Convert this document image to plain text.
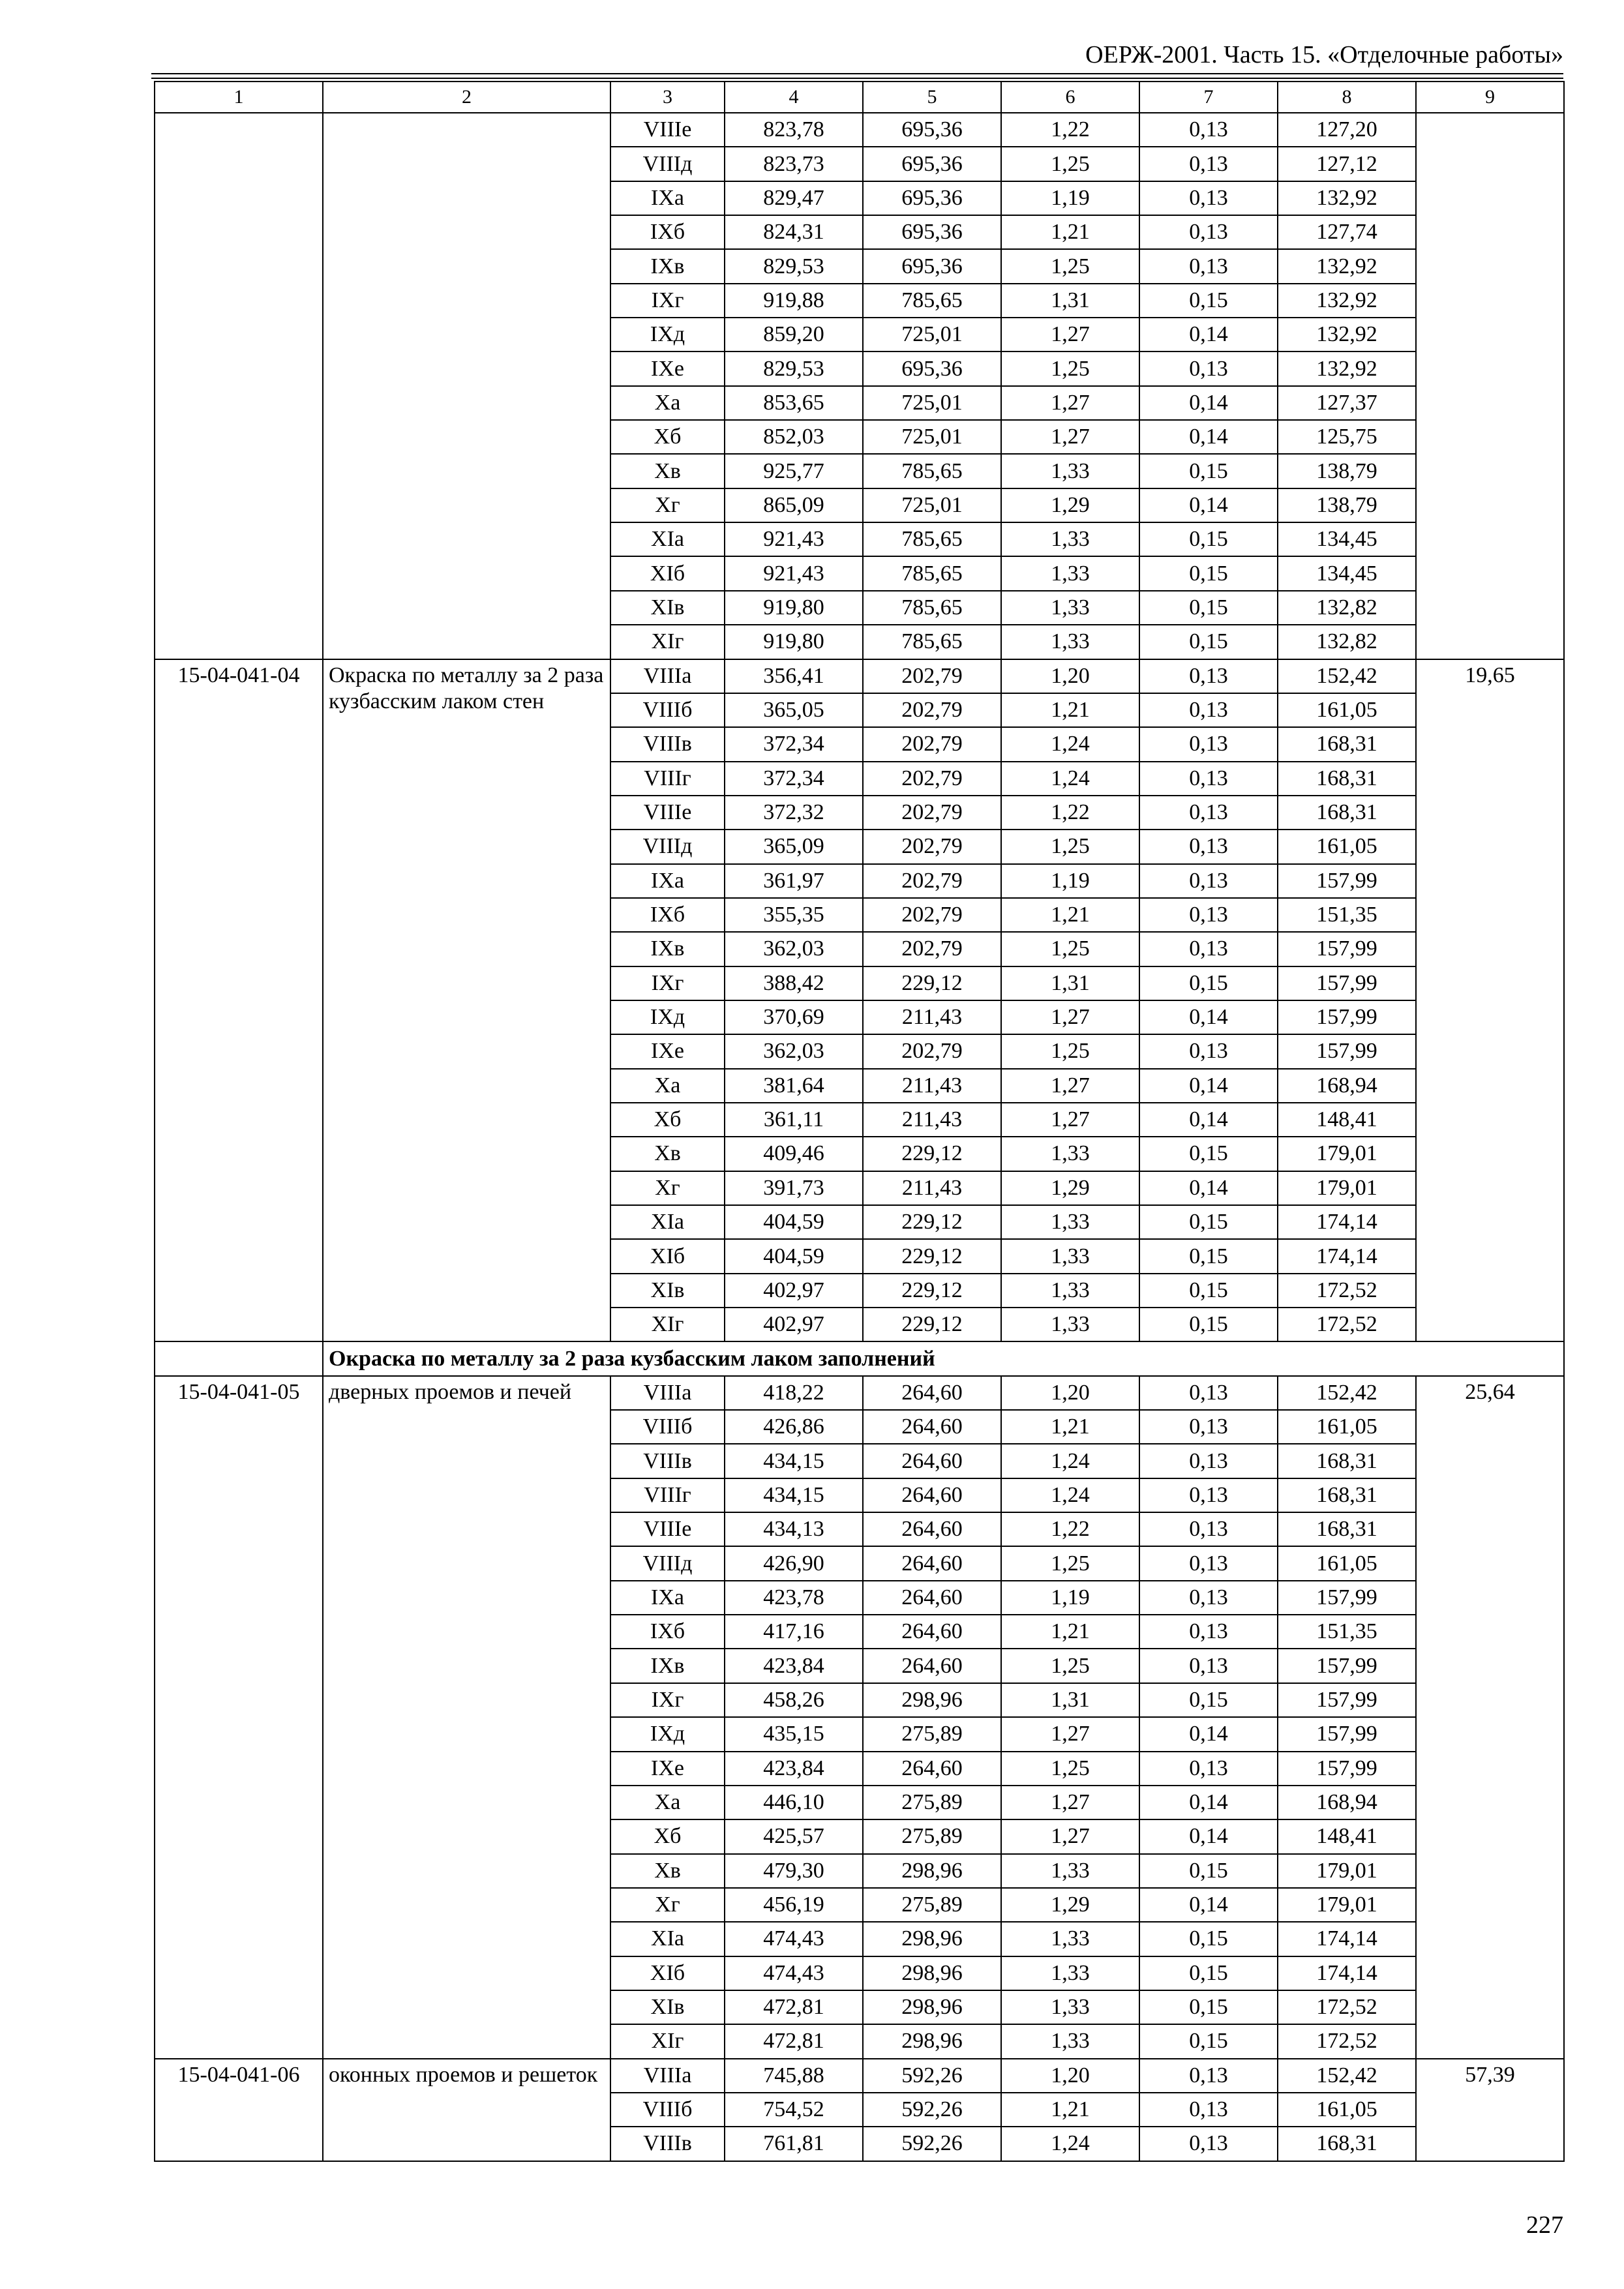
ОЕРЖ-2001. Часть 15. «Отделочные работы»
1	2	3	4	5	6	7	8	9
		VIIIе	823,78	695,36	1,22	0,13	127,20	
		VIIIд	823,73	695,36	1,25	0,13	127,12	
		IXа	829,47	695,36	1,19	0,13	132,92	
		IXб	824,31	695,36	1,21	0,13	127,74	
		IXв	829,53	695,36	1,25	0,13	132,92	
		IXг	919,88	785,65	1,31	0,15	132,92	
		IXд	859,20	725,01	1,27	0,14	132,92	
		IXе	829,53	695,36	1,25	0,13	132,92	
		Xа	853,65	725,01	1,27	0,14	127,37	
		Xб	852,03	725,01	1,27	0,14	125,75	
		Xв	925,77	785,65	1,33	0,15	138,79	
		Xг	865,09	725,01	1,29	0,14	138,79	
		XIа	921,43	785,65	1,33	0,15	134,45	
		XIб	921,43	785,65	1,33	0,15	134,45	
		XIв	919,80	785,65	1,33	0,15	132,82	
		XIг	919,80	785,65	1,33	0,15	132,82	
15-04-041-04	Окраска по металлу за 2 раза кузбасским лаком стен	VIIIа	356,41	202,79	1,20	0,13	152,42	19,65
		VIIIб	365,05	202,79	1,21	0,13	161,05	
		VIIIв	372,34	202,79	1,24	0,13	168,31	
		VIIIг	372,34	202,79	1,24	0,13	168,31	
		VIIIе	372,32	202,79	1,22	0,13	168,31	
		VIIIд	365,09	202,79	1,25	0,13	161,05	
		IXа	361,97	202,79	1,19	0,13	157,99	
		IXб	355,35	202,79	1,21	0,13	151,35	
		IXв	362,03	202,79	1,25	0,13	157,99	
		IXг	388,42	229,12	1,31	0,15	157,99	
		IXд	370,69	211,43	1,27	0,14	157,99	
		IXе	362,03	202,79	1,25	0,13	157,99	
		Xа	381,64	211,43	1,27	0,14	168,94	
		Xб	361,11	211,43	1,27	0,14	148,41	
		Xв	409,46	229,12	1,33	0,15	179,01	
		Xг	391,73	211,43	1,29	0,14	179,01	
		XIа	404,59	229,12	1,33	0,15	174,14	
		XIб	404,59	229,12	1,33	0,15	174,14	
		XIв	402,97	229,12	1,33	0,15	172,52	
		XIг	402,97	229,12	1,33	0,15	172,52	
	Окраска по металлу за 2 раза кузбасским лаком заполнений							
15-04-041-05	дверных проемов и печей	VIIIа	418,22	264,60	1,20	0,13	152,42	25,64
		VIIIб	426,86	264,60	1,21	0,13	161,05	
		VIIIв	434,15	264,60	1,24	0,13	168,31	
		VIIIг	434,15	264,60	1,24	0,13	168,31	
		VIIIе	434,13	264,60	1,22	0,13	168,31	
		VIIIд	426,90	264,60	1,25	0,13	161,05	
		IXа	423,78	264,60	1,19	0,13	157,99	
		IXб	417,16	264,60	1,21	0,13	151,35	
		IXв	423,84	264,60	1,25	0,13	157,99	
		IXг	458,26	298,96	1,31	0,15	157,99	
		IXд	435,15	275,89	1,27	0,14	157,99	
		IXе	423,84	264,60	1,25	0,13	157,99	
		Xа	446,10	275,89	1,27	0,14	168,94	
		Xб	425,57	275,89	1,27	0,14	148,41	
		Xв	479,30	298,96	1,33	0,15	179,01	
		Xг	456,19	275,89	1,29	0,14	179,01	
		XIа	474,43	298,96	1,33	0,15	174,14	
		XIб	474,43	298,96	1,33	0,15	174,14	
		XIв	472,81	298,96	1,33	0,15	172,52	
		XIг	472,81	298,96	1,33	0,15	172,52	
15-04-041-06	оконных проемов и решеток	VIIIа	745,88	592,26	1,20	0,13	152,42	57,39
		VIIIб	754,52	592,26	1,21	0,13	161,05	
		VIIIв	761,81	592,26	1,24	0,13	168,31	
227
